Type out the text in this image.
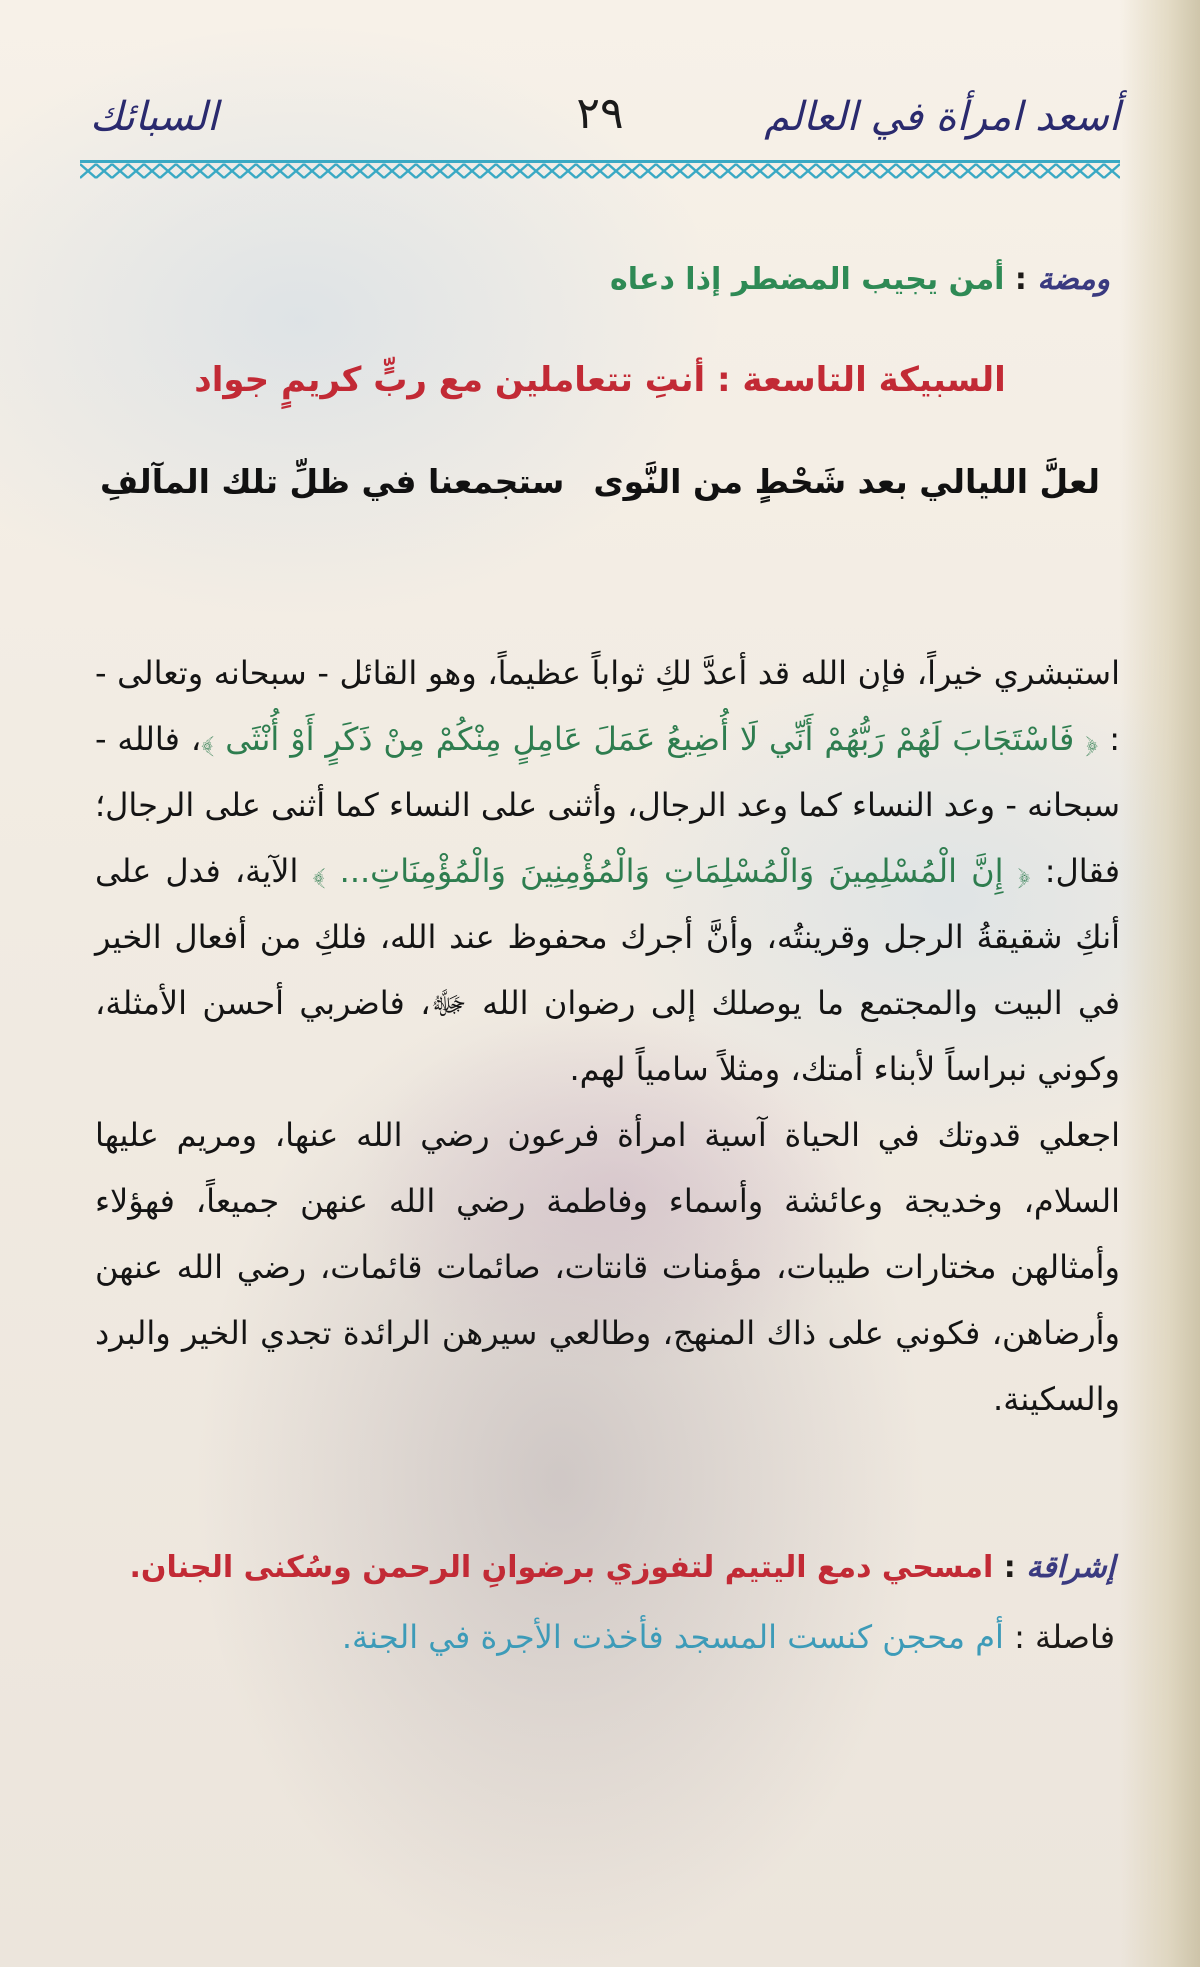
أسعد امرأة في العالم
٢٩
السبائك
ومضة : أمن يجيب المضطر إذا دعاه
السبيكة التاسعة : أنتِ تتعاملين مع ربٍّ كريمٍ جواد
لعلَّ الليالي بعد شَحْطٍ من النَّوى
ستجمعنا في ظلِّ تلك المآلفِ

استبشري خيراً، فإن الله قد أعدَّ لكِ ثواباً عظيماً، وهو القائل - سبحانه وتعالى - : ﴿ فَاسْتَجَابَ لَهُمْ رَبُّهُمْ أَنِّي لَا أُضِيعُ عَمَلَ عَامِلٍ مِنْكُمْ مِنْ ذَكَرٍ أَوْ أُنْثَى ﴾، فالله - سبحانه - وعد النساء كما وعد الرجال، وأثنى على النساء كما أثنى على الرجال؛ فقال: ﴿ إِنَّ الْمُسْلِمِينَ وَالْمُسْلِمَاتِ وَالْمُؤْمِنِينَ وَالْمُؤْمِنَاتِ... ﴾ الآية، فدل على أنكِ شقيقةُ الرجل وقرينتُه، وأنَّ أجرك محفوظ عند الله، فلكِ من أفعال الخير في البيت والمجتمع ما يوصلك إلى رضوان الله ﷻ، فاضربي أحسن الأمثلة، وكوني نبراساً لأبناء أمتك، ومثلاً سامياً لهم.

اجعلي قدوتك في الحياة آسية امرأة فرعون رضي الله عنها، ومريم عليها السلام، وخديجة وعائشة وأسماء وفاطمة رضي الله عنهن جميعاً، فهؤلاء وأمثالهن مختارات طيبات، مؤمنات قانتات، صائمات قائمات، رضي الله عنهن وأرضاهن، فكوني على ذاك المنهج، وطالعي سيرهن الرائدة تجدي الخير والبرد والسكينة.

إشراقة : امسحي دمع اليتيم لتفوزي برضوانِ الرحمن وسُكنى الجنان.
فاصلة : أم محجن كنست المسجد فأخذت الأجرة في الجنة.
